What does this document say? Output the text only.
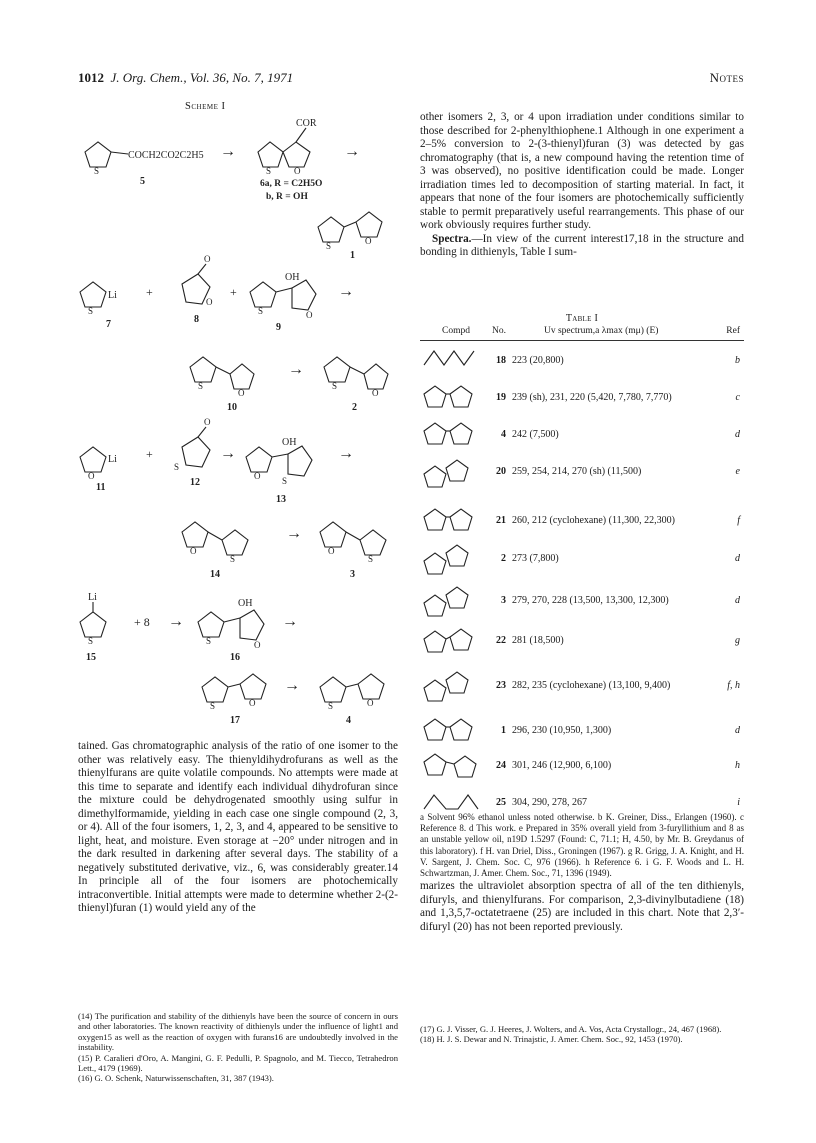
1012 J. Org. Chem., Vol. 36, No. 7, 1971	Notes
Scheme I
S
COCH2CO2C2H5
5
→
COR
S	O
6a, R = C2H5O
b, R = OH
→
S	O
1
S
Li
7
+
O
O
8
+
S
OH
O
9
→
S
O
10
→
S
O
2
O
Li
11
+
O
S
12
→
O
OH
S
13
→
O
S
14
→
O
S
3
Li
S
15
+ 8 →
S
OH
O
16
→
S	O
17
→
S	O
4

other isomers 2, 3, or 4 upon irradiation under conditions similar to those described for 2-phenylthiophene.1 Although in one experiment a 2–5% conversion to 2-(3-thienyl)furan (3) was detected by gas chromatography (that is, a new compound having the retention time of 3 was observed), no positive identification could be made. Longer irradiation times led to decomposition of starting material. In fact, it appears that none of the four isomers are photochemically sufficiently stable to permit preparatively useful rearrangements. This phase of our work obviously requires further study.

Spectra.—In view of the current interest17,18 in the structure and bonding in dithienyls, Table I sum-

Table I
Compd No.	Uv spectrum,a λmax (mμ) (E)	Ref
18 223 (20,800)	b
19 239 (sh), 231, 220 (5,420, 7,780, 7,770)	c
4 242 (7,500)	d
20 259, 254, 214, 270 (sh) (11,500)	e
21 260, 212 (cyclohexane) (11,300, 22,300)	f
2 273 (7,800)	d
3 279, 270, 228 (13,500, 13,300, 12,300)	d
22 281 (18,500)	g
23 282, 235 (cyclohexane) (13,100, 9,400)	f, h
1 296, 230 (10,950, 1,300)	d
24 301, 246 (12,900, 6,100)	h
25 304, 290, 278, 267	i

a Solvent 96% ethanol unless noted otherwise. b K. Greiner, Diss., Erlangen (1960). c Reference 8. d This work. e Prepared in 35% overall yield from 3-furyllithium and 8 as an unstable yellow oil, n19D 1.5297 (Found: C, 71.1; H, 4.50, by Mr. B. Greydanus of this laboratory). f H. van Driel, Diss., Groningen (1967). g R. Grigg, J. A. Knight, and H. V. Sargent, J. Chem. Soc. C, 976 (1966). h Reference 6. i G. F. Woods and L. H. Schwartzman, J. Amer. Chem. Soc., 71, 1396 (1949).

tained. Gas chromatographic analysis of the ratio of one isomer to the other was relatively easy. The thienyldihydrofurans as well as the thienylfurans are quite volatile compounds. No attempts were made at this time to separate and identify each individual dihydrofuran since the mixture could be dehydrogenated smoothly using sulfur in dimethylformamide, yielding in each case one single compound (2, 3, or 4). All of the four isomers, 1, 2, 3, and 4, appeared to be sensitive to light, heat, and moisture. Even storage at −20° under nitrogen and in the dark resulted in darkening after several days. The stability of a negatively substituted derivative, viz., 6, was considerably greater.14 In principle all of the four isomers are photochemically intraconvertible. Initial attempts were made to determine whether 2-(2-thienyl)furan (1) would yield any of the

marizes the ultraviolet absorption spectra of all of the ten dithienyls, difuryls, and thienylfurans. For comparison, 2,3-divinylbutadiene (18) and 1,3,5,7-octatetraene (25) are included in this chart. Note that 2,3′-difuryl (20) has not been reported previously.

(14) The purification and stability of the dithienyls have been the source of concern in ours and other laboratories. The known reactivity of dithienyls under the influence of light1 and oxygen15 as well as the reaction of oxygen with furans16 are undoubtedly involved in the instability.

(15) P. Caralieri d'Oro, A. Mangini, G. F. Pedulli, P. Spagnolo, and M. Tiecco, Tetrahedron Lett., 4179 (1969).

(16) G. O. Schenk, Naturwissenschaften, 31, 387 (1943).

(17) G. J. Visser, G. J. Heeres, J. Wolters, and A. Vos, Acta Crystallogr., 24, 467 (1968).

(18) H. J. S. Dewar and N. Trinajstic, J. Amer. Chem. Soc., 92, 1453 (1970).
